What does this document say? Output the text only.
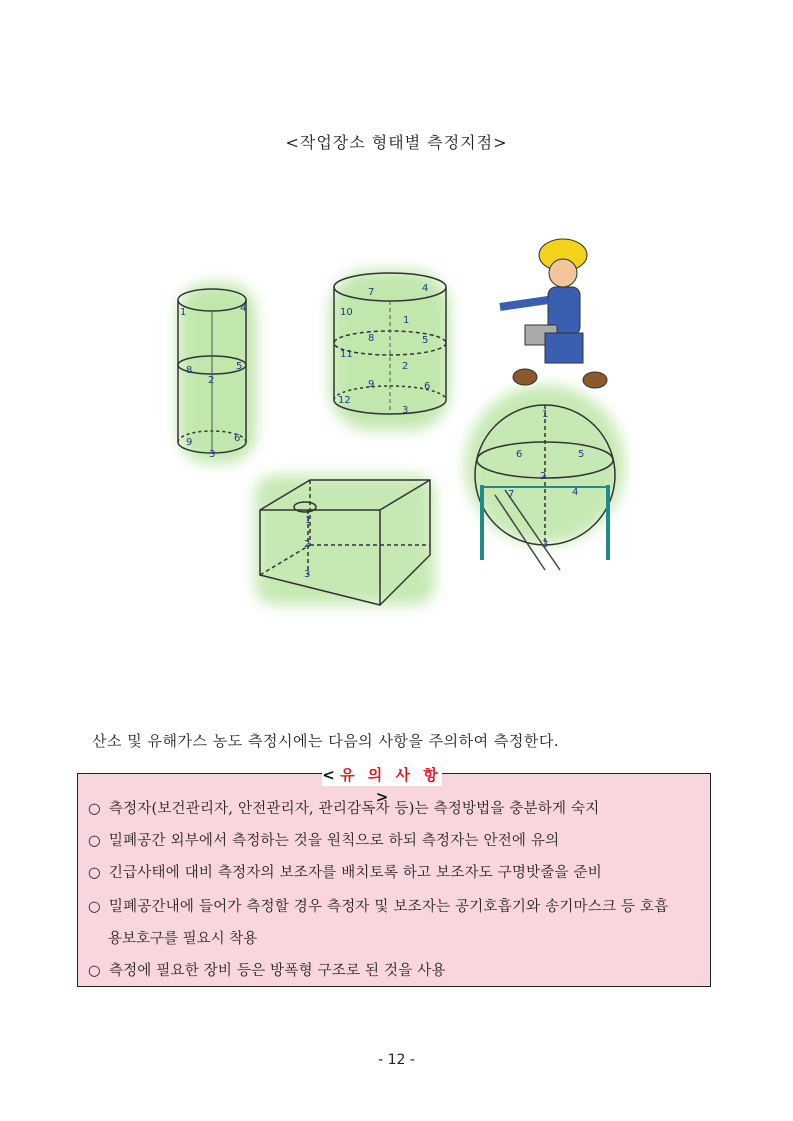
<작업장소 형태별 측정지점>
1	4
8	5
2
9	6
3
7	4
10
1
8	5
11
2
9	6
12
3
1
2
3
1
6	5
2
7	4
3
산소 및 유해가스 농도 측정시에는 다음의 사항을 주의하여 측정한다.
< 유 의 사 항 >
○ 측정자(보건관리자, 안전관리자, 관리감독자 등)는 측정방법을 충분하게 숙지
○ 밀폐공간 외부에서 측정하는 것을 원칙으로 하되 측정자는 안전에 유의
○ 긴급사태에 대비 측정자의 보조자를 배치토록 하고 보조자도 구명밧줄을 준비
○ 밀폐공간내에 들어가 측정할 경우 측정자 및 보조자는 공기호흡기와 송기마스크 등 호흡
용보호구를 필요시 착용
○ 측정에 필요한 장비 등은 방폭형 구조로 된 것을 사용
- 12 -
